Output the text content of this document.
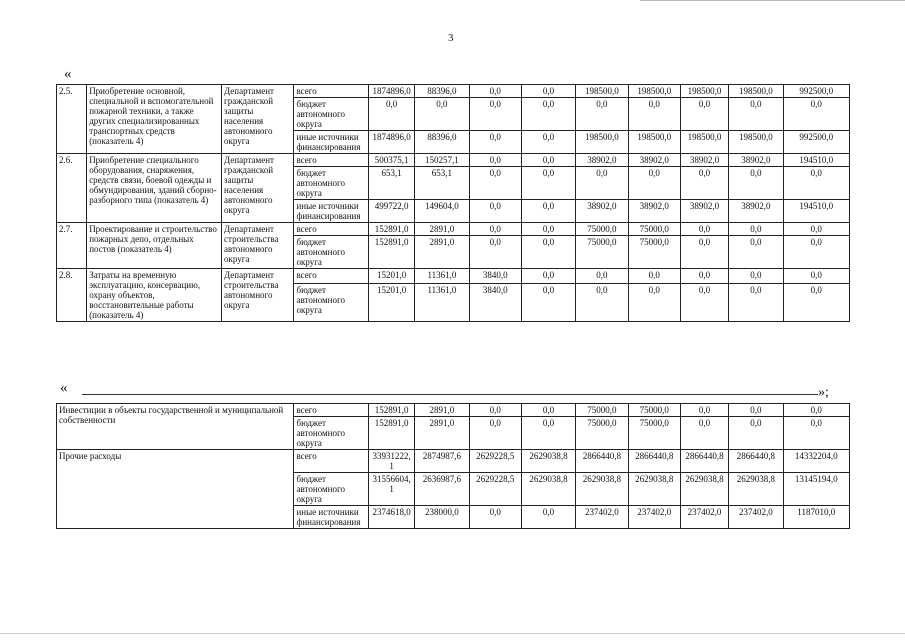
3
«
2.5.	Приобретение основной, специальной и вспомогательной пожарной техники, а также других специализированных транспортных средств (показатель 4)	Департамент гражданской защиты населения автономного округа	всего	1874896,0	88396,0	0,0	0,0	198500,0	198500,0	198500,0	198500,0	992500,0
			бюджет автономного округа	0,0	0,0	0,0	0,0	0,0	0,0	0,0	0,0	0,0
			иные источники финансирования	1874896,0	88396,0	0,0	0,0	198500,0	198500,0	198500,0	198500,0	992500,0
2.6.	Приобретение специального оборудования, снаряжения, средств связи, боевой одежды и обмундирования, зданий сборно-разборного типа (показатель 4)	Департамент гражданской защиты населения автономного округа	всего	500375,1	150257,1	0,0	0,0	38902,0	38902,0	38902,0	38902,0	194510,0
			бюджет автономного округа	653,1	653,1	0,0	0,0	0,0	0,0	0,0	0,0	0,0
			иные источники финансирования	499722,0	149604,0	0,0	0,0	38902,0	38902,0	38902,0	38902,0	194510,0
2.7.	Проектирование и строительство пожарных депо, отдельных постов (показатель 4)	Департамент строительства автономного округа	всего	152891,0	2891,0	0,0	0,0	75000,0	75000,0	0,0	0,0	0,0
			бюджет автономного округа	152891,0	2891,0	0,0	0,0	75000,0	75000,0	0,0	0,0	0,0
2.8.	Затраты на временную эксплуатацию, консервацию, охрану объектов, восстановительные работы (показатель 4)	Департамент строительства автономного округа	всего	15201,0	11361,0	3840,0	0,0	0,0	0,0	0,0	0,0	0,0
			бюджет автономного округа	15201,0	11361,0	3840,0	0,0	0,0	0,0	0,0	0,0	0,0
«	»;
Инвестиции в объекты государственной и муниципальной собственности	всего	152891,0	2891,0	0,0	0,0	75000,0	75000,0	0,0	0,0	0,0
	бюджет автономного округа	152891,0	2891,0	0,0	0,0	75000,0	75000,0	0,0	0,0	0,0
Прочие расходы	всего	33931222,1	2874987,6	2629228,5	2629038,8	2866440,8	2866440,8	2866440,8	2866440,8	14332204,0
	бюджет автономного округа	31556604,1	2636987,6	2629228,5	2629038,8	2629038,8	2629038,8	2629038,8	2629038,8	13145194,0
	иные источники финансирования	2374618,0	238000,0	0,0	0,0	237402,0	237402,0	237402,0	237402,0	1187010,0
